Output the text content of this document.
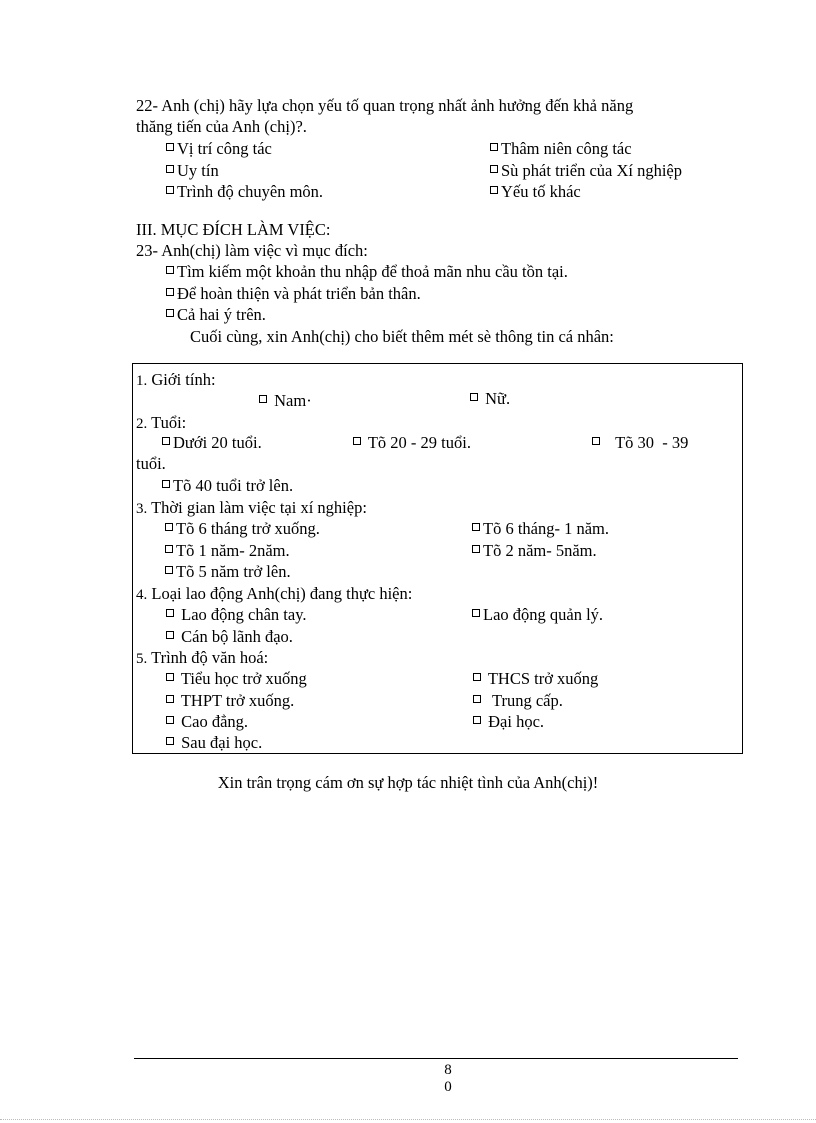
22- Anh (chị) hãy lựa chọn yếu tố quan trọng nhất ảnh hưởng đến khả năng
thăng tiến của Anh (chị)?.
Vị trí công tác	Thâm niên công tác
Uy tín	Sù phát triển của Xí nghiệp
Trình độ chuyên môn.	Yếu tố khác
III. MỤC ĐÍCH LÀM VIỆC:
23- Anh(chị) làm việc vì mục đích:
Tìm kiếm một khoản thu nhập để thoả mãn nhu cầu tồn tại.
Để hoàn thiện và phát triển bản thân.
Cả hai ý trên.
Cuối cùng, xin Anh(chị) cho biết thêm mét sè thông tin cá nhân:
1. Giới tính:
Nam·	Nữ.
2. Tuổi:
Dưới 20 tuổi.	Tõ 20 - 29 tuổi.	Tõ 30  - 39
tuổi.
Tõ 40 tuổi trở lên.
3. Thời gian làm việc tại xí nghiệp:
Tõ 6 tháng trở xuống.	Tõ 6 tháng- 1 năm.
Tõ 1 năm- 2năm.	Tõ 2 năm- 5năm.
Tõ 5 năm trở lên.
4. Loại lao động Anh(chị) đang thực hiện:
Lao động chân tay.	Lao động quản lý.
Cán bộ lãnh đạo.
5. Trình độ văn hoá:
Tiểu học trở xuống	THCS trở xuống
THPT trở xuống.	Trung cấp.
Cao đẳng.	Đại học.
Sau đại học.
Xin trân trọng cám ơn sự hợp tác nhiệt tình của Anh(chị)!
8
0
